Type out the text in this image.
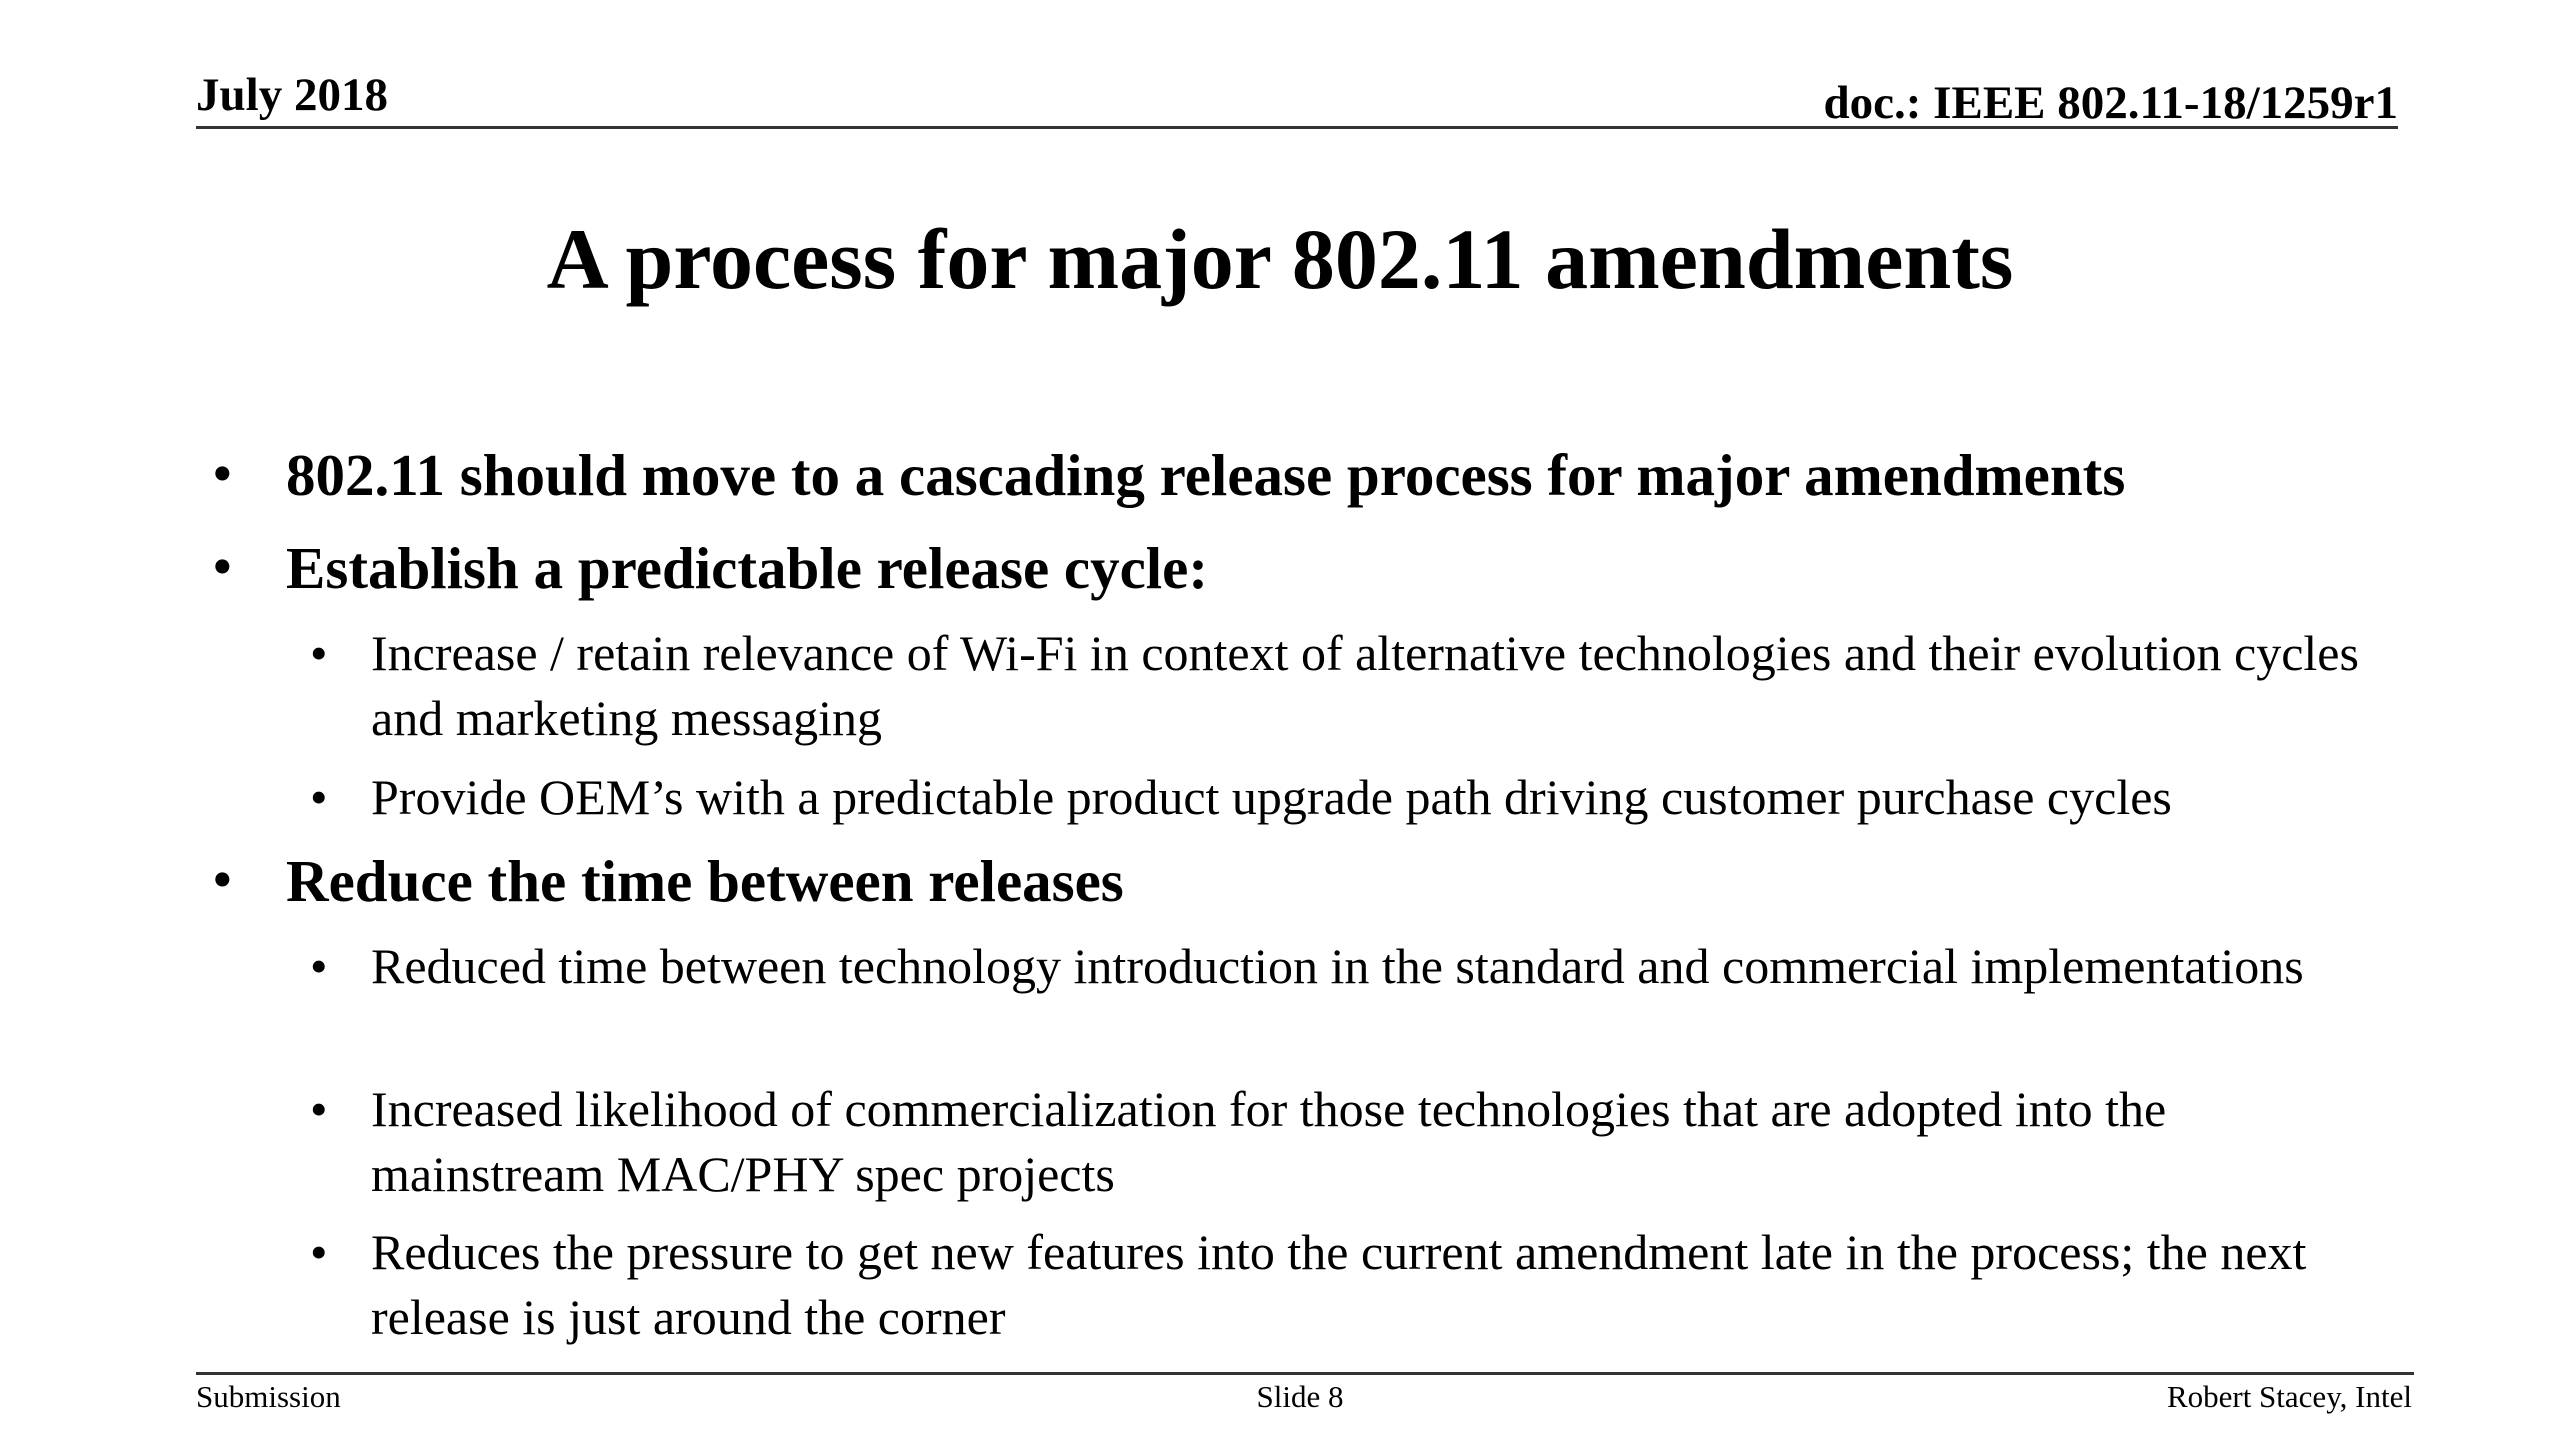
July 2018	doc.: IEEE 802.11-18/1259r1
A process for major 802.11 amendments
• 802.11 should move to a cascading release process for major amendments
• Establish a predictable release cycle:
• Increase / retain relevance of Wi-Fi in context of alternative technologies and their evolution cycles and marketing messaging
• Provide OEM’s with a predictable product upgrade path driving customer purchase cycles
• Reduce the time between releases
• Reduced time between technology introduction in the standard and commercial implementations
• Increased likelihood of commercialization for those technologies that are adopted into the mainstream MAC/PHY spec projects
• Reduces the pressure to get new features into the current amendment late in the process; the next release is just around the corner
Submission	Slide 8	Robert Stacey, Intel
